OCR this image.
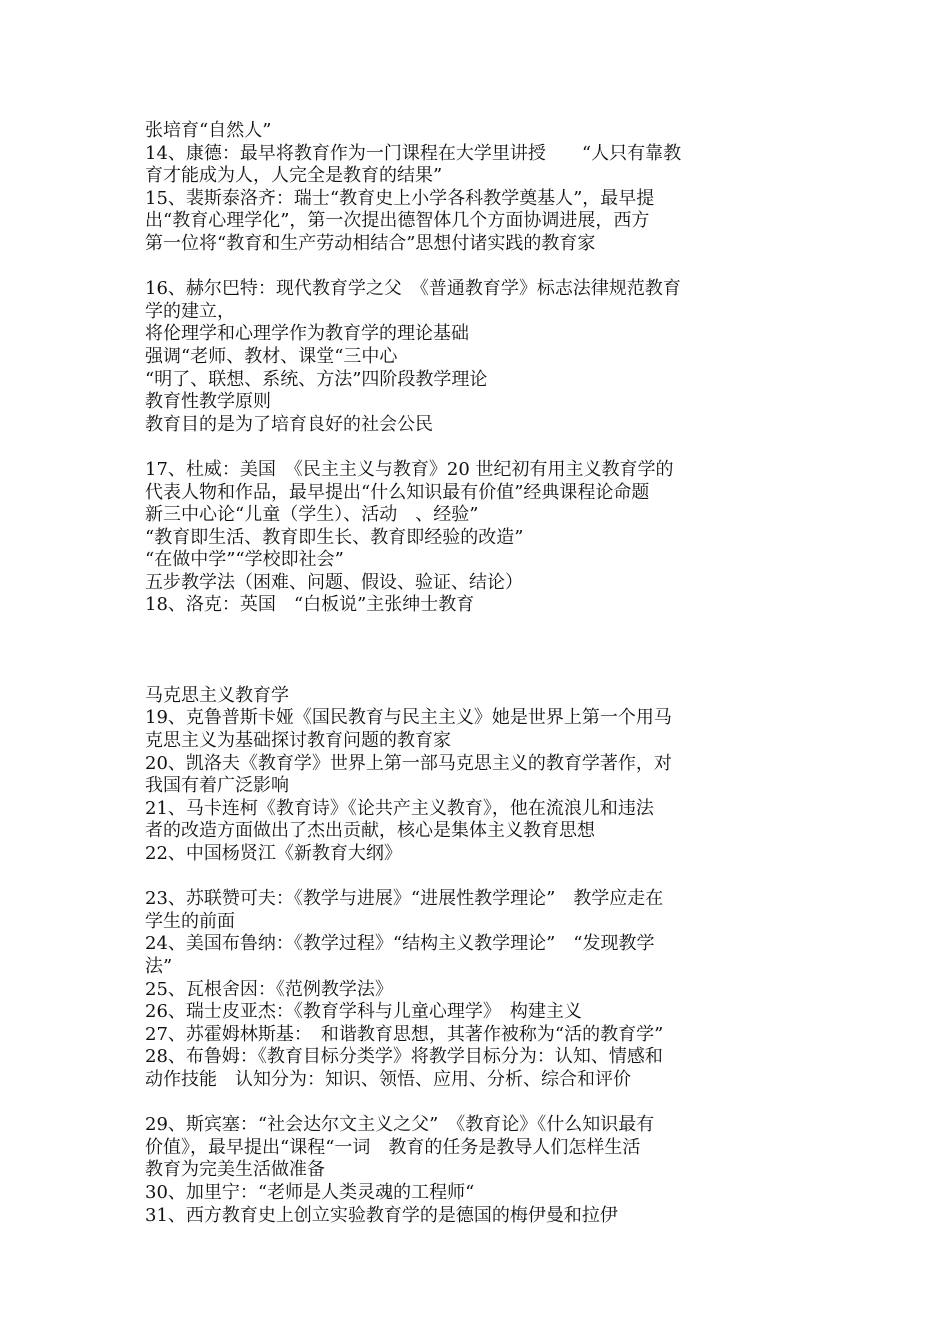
张培育“自然人”

14、康德：最早将教育作为一门课程在大学里讲授　　“人只有靠教

育才能成为人，人完全是教育的结果”

15、裴斯泰洛齐：瑞士“教育史上小学各科教学奠基人”，最早提

出“教育心理学化”，第一次提出德智体几个方面协调进展，西方

第一位将“教育和生产劳动相结合”思想付诸实践的教育家

16、赫尔巴特：现代教育学之父　《普通教育学》标志法律规范教育

学的建立，

将伦理学和心理学作为教育学的理论基础

强调“老师、教材、课堂“三中心

“明了、联想、系统、方法”四阶段教学理论

教育性教学原则

教育目的是为了培育良好的社会公民

17、杜威：美国　《民主主义与教育》20 世纪初有用主义教育学的

代表人物和作品，最早提出“什么知识最有价值”经典课程论命题

新三中心论“儿童（学生）、活动　、经验”

“教育即生活、教育即生长、教育即经验的改造”

“在做中学”“学校即社会”

五步教学法（困难、问题、假设、验证、结论）

18、洛克：英国　“白板说”主张绅士教育

马克思主义教育学

19、克鲁普斯卡娅《国民教育与民主主义》她是世界上第一个用马

克思主义为基础探讨教育问题的教育家

20、凯洛夫《教育学》世界上第一部马克思主义的教育学著作，对

我国有着广泛影响

21、马卡连柯《教育诗》《论共产主义教育》，他在流浪儿和违法

者的改造方面做出了杰出贡献，核心是集体主义教育思想

22、中国杨贤江《新教育大纲》

23、苏联赞可夫：《教学与进展》“进展性教学理论”　教学应走在

学生的前面

24、美国布鲁纳：《教学过程》“结构主义教学理论”　“发现教学

法”

25、瓦根舍因：《范例教学法》

26、瑞士皮亚杰：《教育学科与儿童心理学》　构建主义

27、苏霍姆林斯基：　和谐教育思想，其著作被称为“活的教育学”

28、布鲁姆：《教育目标分类学》将教学目标分为：认知、情感和

动作技能　认知分为：知识、领悟、应用、分析、综合和评价

29、斯宾塞：“社会达尔文主义之父”　《教育论》《什么知识最有

价值》，最早提出“课程“一词　教育的任务是教导人们怎样生活

教育为完美生活做准备

30、加里宁：“老师是人类灵魂的工程师“

31、西方教育史上创立实验教育学的是德国的梅伊曼和拉伊
